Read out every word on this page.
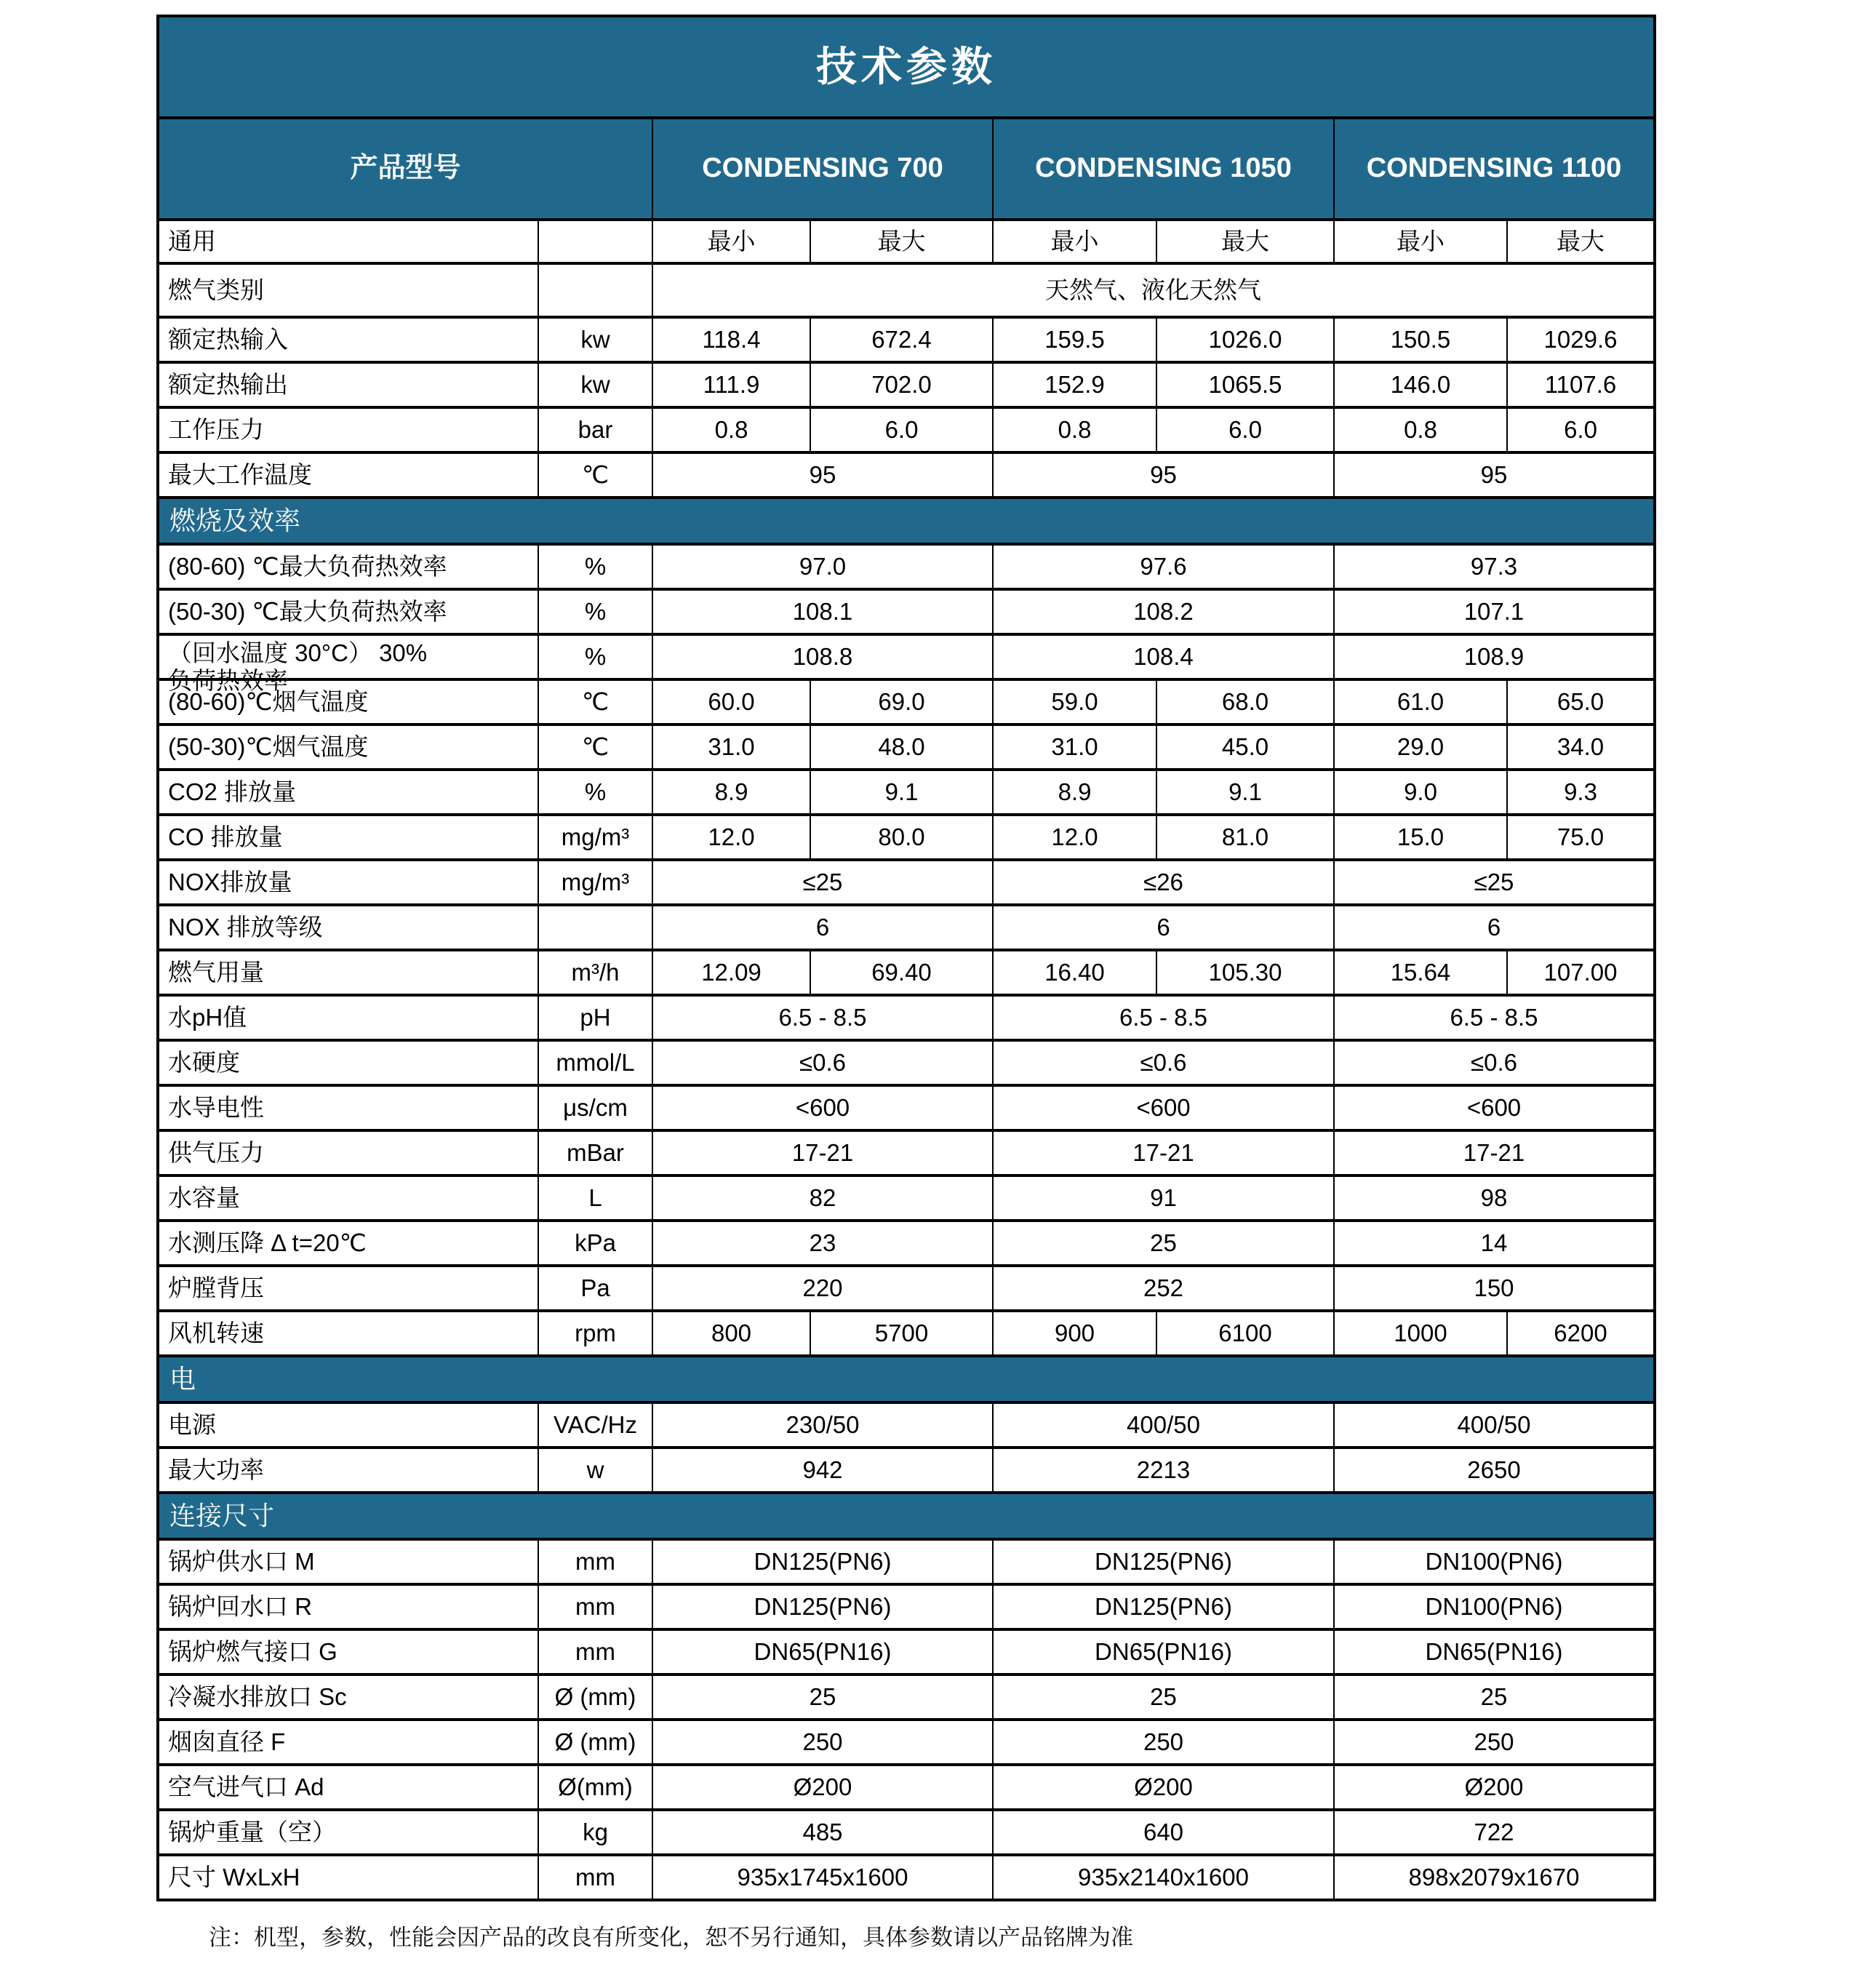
技术参数							
产品型号		CONDENSING 700		CONDENSING 1050		CONDENSING 1100	
通用		最小	最大	最小	最大	最小	最大
燃气类别		天然气、液化天然气					
额定热输入	kw	118.4	672.4	159.5	1026.0	150.5	1029.6
额定热输出	kw	111.9	702.0	152.9	1065.5	146.0	1107.6
工作压力	bar	0.8	6.0	0.8	6.0	0.8	6.0
最大工作温度	℃	95		95		95	
燃烧及效率							
(80-60) ℃最大负荷热效率	%	97.0		97.6		97.3	
(50-30) ℃最大负荷热效率	%	108.1		108.2		107.1	
（回水温度 30°C） 30%
负荷热效率	%	108.8		108.4		108.9	
(80-60)℃烟气温度	℃	60.0	69.0	59.0	68.0	61.0	65.0
(50-30)℃烟气温度	℃	31.0	48.0	31.0	45.0	29.0	34.0
CO2 排放量	%	8.9	9.1	8.9	9.1	9.0	9.3
CO 排放量	mg/m³	12.0	80.0	12.0	81.0	15.0	75.0
NOX排放量	mg/m³	≤25		≤26		≤25	
NOX 排放等级		6		6		6	
燃气用量	m³/h	12.09	69.40	16.40	105.30	15.64	107.00
水pH值	pH	6.5 - 8.5		6.5 - 8.5		6.5 - 8.5	
水硬度	mmol/L	≤0.6		≤0.6		≤0.6	
水导电性	μs/cm	<600		<600		<600	
供气压力	mBar	17-21		17-21		17-21	
水容量	L	82		91		98	
水测压降 Δ t=20℃	kPa	23		25		14	
炉膛背压	Pa	220		252		150	
风机转速	rpm	800	5700	900	6100	1000	6200
电							
电源	VAC/Hz	230/50		400/50		400/50	
最大功率	w	942		2213		2650	
连接尺寸							
锅炉供水口 M	mm	DN125(PN6)		DN125(PN6)		DN100(PN6)	
锅炉回水口 R	mm	DN125(PN6)		DN125(PN6)		DN100(PN6)	
锅炉燃气接口 G	mm	DN65(PN16)		DN65(PN16)		DN65(PN16)	
冷凝水排放口 Sc	Ø (mm)	25		25		25	
烟囱直径 F	Ø (mm)	250		250		250	
空气进气口 Ad	Ø(mm)	Ø200		Ø200		Ø200	
锅炉重量（空）	kg	485		640		722	
尺寸 WxLxH	mm	935x1745x1600		935x2140x1600		898x2079x1670	
注：机型，参数，性能会因产品的改良有所变化，恕不另行通知，具体参数请以产品铭牌为准
